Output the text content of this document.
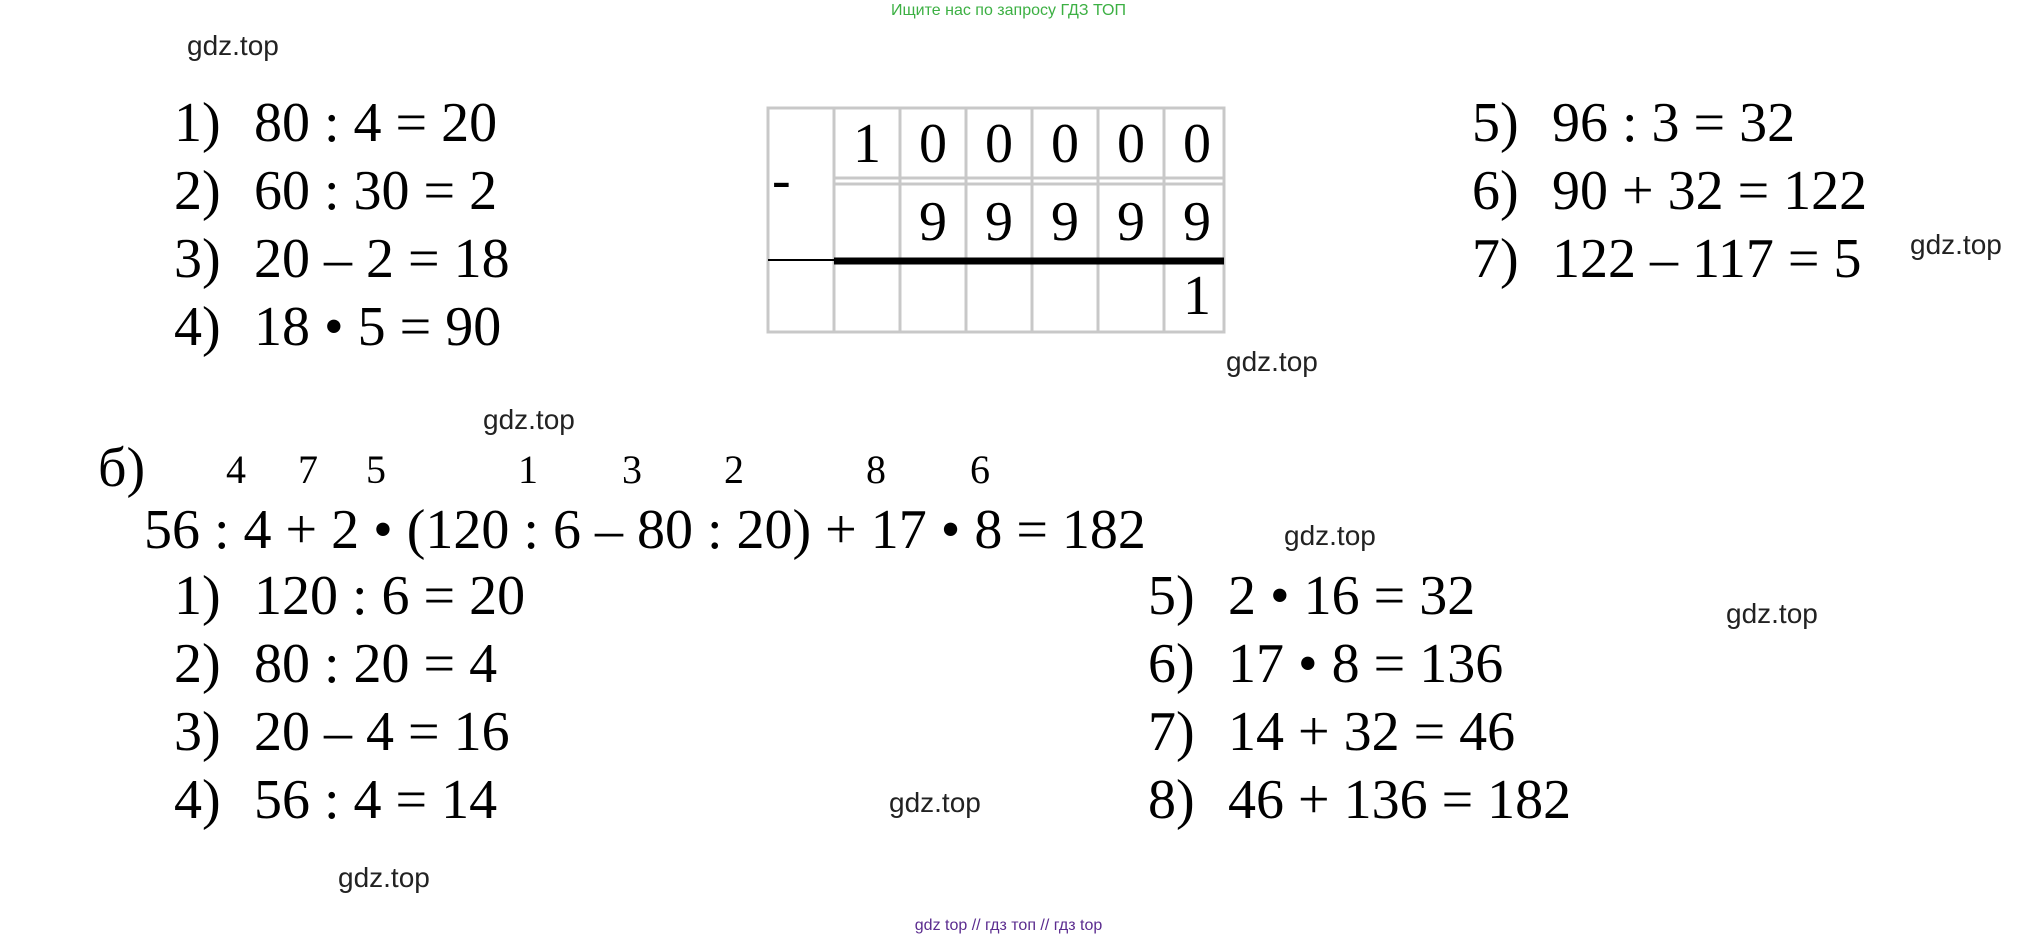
Ищите нас по запросу ГДЗ ТОП
gdz top // гдз топ // гдз top
gdz.top
gdz.top
gdz.top
gdz.top
gdz.top
gdz.top
gdz.top
gdz.top
1) 80 : 4 = 20
2) 60 : 30 = 2
3) 20 – 2 = 18
4) 18 • 5 = 90
5) 96 : 3 = 32
6) 90 + 32 = 122
7) 122 – 117 = 5
-
1 0 0 0 0 0
9 9 9 9 9
1
б) 4 7 5	1 3 2	8 6
56 : 4 + 2 • (120 : 6 – 80 : 20) + 17 • 8 = 182
1) 120 : 6 = 20
2) 80 : 20 = 4
3) 20 – 4 = 16
4) 56 : 4 = 14
5) 2 • 16 = 32
6) 17 • 8 = 136
7) 14 + 32 = 46
8) 46 + 136 = 182
